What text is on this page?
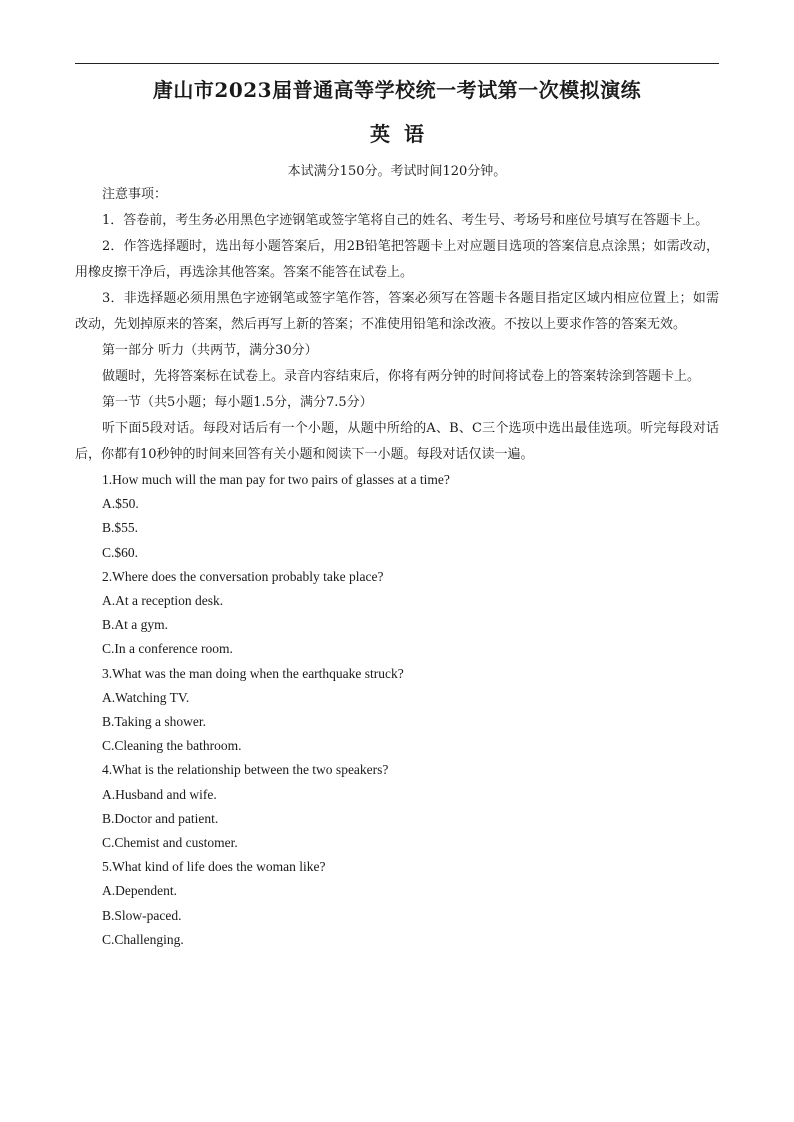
唐山市2023届普通高等学校统一考试第一次模拟演练
英语
本试满分150分。考试时间120分钟。

注意事项：

1．答卷前，考生务必用黑色字迹钢笔或签字笔将自己的姓名、考生号、考场号和座位号填写在答题卡上。

2．作答选择题时，选出每小题答案后，用2B铅笔把答题卡上对应题目选项的答案信息点涂黑；如需改动，用橡皮擦干净后，再选涂其他答案。答案不能答在试卷上。

3．非选择题必须用黑色字迹钢笔或签字笔作答，答案必须写在答题卡各题目指定区域内相应位置上；如需改动，先划掉原来的答案，然后再写上新的答案；不准使用铅笔和涂改液。不按以上要求作答的答案无效。

第一部分 听力（共两节，满分30分）

做题时，先将答案标在试卷上。录音内容结束后，你将有两分钟的时间将试卷上的答案转涂到答题卡上。

第一节（共5小题；每小题1.5分，满分7.5分）

听下面5段对话。每段对话后有一个小题，从题中所给的A、B、C三个选项中选出最佳选项。听完每段对话后，你都有10秒钟的时间来回答有关小题和阅读下一小题。每段对话仅读一遍。

1.How much will the man pay for two pairs of glasses at a time?
A.$50.
B.$55.
C.$60.
2.Where does the conversation probably take place?
A.At a reception desk.
B.At a gym.
C.In a conference room.
3.What was the man doing when the earthquake struck?
A.Watching TV.
B.Taking a shower.
C.Cleaning the bathroom.
4.What is the relationship between the two speakers?
A.Husband and wife.
B.Doctor and patient.
C.Chemist and customer.
5.What kind of life does the woman like?
A.Dependent.
B.Slow-paced.
C.Challenging.
